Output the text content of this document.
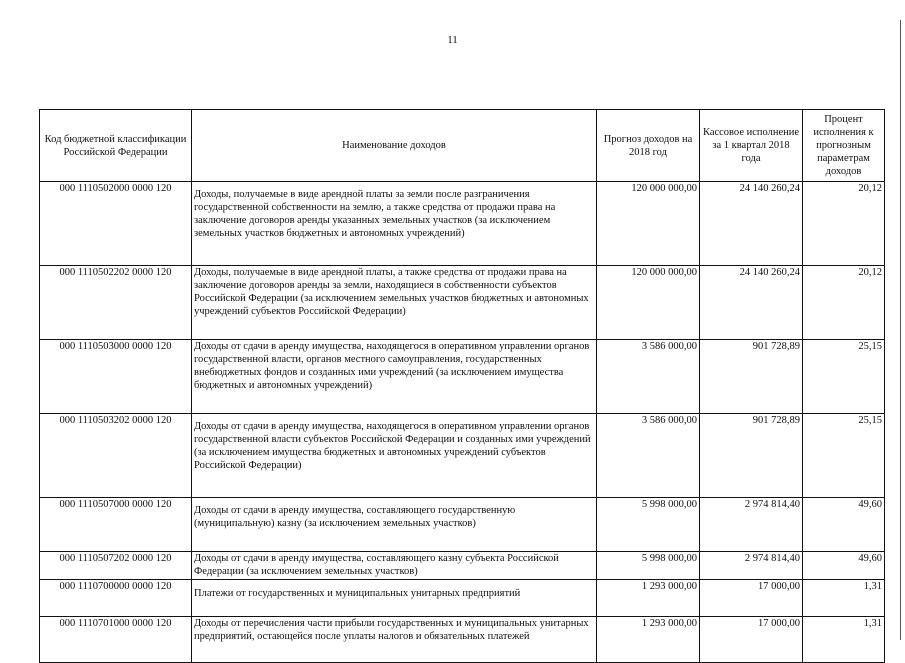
11
Код бюджетной классификации Российской Федерации	Наименование доходов	Прогноз доходов на 2018 год	Кассовое исполнение за 1 квартал 2018 года	Процент исполнения к прогнозным параметрам доходов
000 1110502000 0000 120	Доходы, получаемые в виде арендной платы за земли после разграничения государственной собственности на землю, а также средства от продажи права на заключение договоров аренды указанных земельных участков (за исключением земельных участков бюджетных и автономных учреждений)	120 000 000,00	24 140 260,24	20,12
000 1110502202 0000 120	Доходы, получаемые в виде арендной платы, а также средства от продажи права на заключение договоров аренды за земли, находящиеся в собственности субъектов Российской Федерации (за исключением земельных участков бюджетных и автономных учреждений субъектов Российской Федерации)	120 000 000,00	24 140 260,24	20,12
000 1110503000 0000 120	Доходы от сдачи в аренду имущества, находящегося в оперативном управлении органов государственной власти, органов местного самоуправления, государственных внебюджетных фондов и созданных ими учреждений (за исключением имущества бюджетных и автономных учреждений)	3 586 000,00	901 728,89	25,15
000 1110503202 0000 120	Доходы от сдачи в аренду имущества, находящегося в оперативном управлении органов государственной власти субъектов Российской Федерации и созданных ими учреждений (за исключением имущества бюджетных и автономных учреждений субъектов Российской Федерации)	3 586 000,00	901 728,89	25,15
000 1110507000 0000 120	Доходы от сдачи в аренду имущества, составляющего государственную (муниципальную) казну (за исключением земельных участков)	5 998 000,00	2 974 814,40	49,60
000 1110507202 0000 120	Доходы от сдачи в аренду имущества, составляющего казну субъекта Российской Федерации (за исключением земельных участков)	5 998 000,00	2 974 814,40	49,60
000 1110700000 0000 120	Платежи от государственных и муниципальных унитарных предприятий	1 293 000,00	17 000,00	1,31
000 1110701000 0000 120	Доходы от перечисления части прибыли государственных и муниципальных унитарных предприятий, остающейся после уплаты налогов и обязательных платежей	1 293 000,00	17 000,00	1,31
